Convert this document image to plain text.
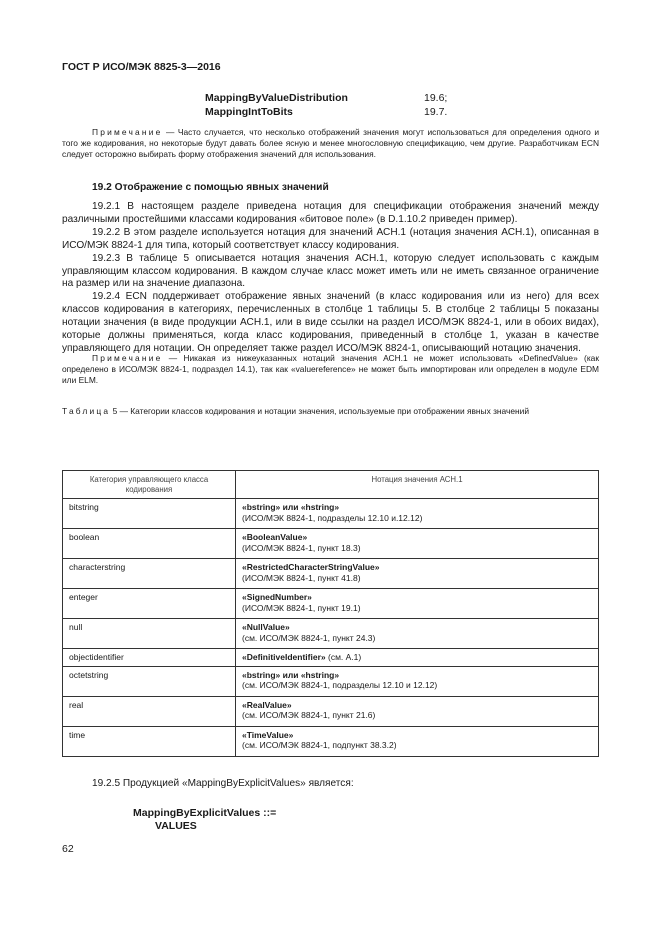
ГОСТ Р ИСО/МЭК 8825-3—2016
MappingByValueDistribution	19.6;
MappingIntToBits	19.7.
Примечание — Часто случается, что несколько отображений значения могут использоваться для определения одного и того же кодирования, но некоторые будут давать более ясную и менее многословную спецификацию, чем другие. Разработчикам ECN следует осторожно выбирать форму отображения значений для использования.
19.2 Отображение с помощью явных значений

19.2.1 В настоящем разделе приведена нотация для спецификации отображения значений между различными простейшими классами кодирования «битовое поле» (в D.1.10.2 приведен пример).

19.2.2 В этом разделе используется нотация для значений АСН.1 (нотация значения АСН.1), описанная в ИСО/МЭК 8824-1 для типа, который соответствует классу кодирования.

19.2.3 В таблице 5 описывается нотация значения АСН.1, которую следует использовать с каждым управляющим классом кодирования. В каждом случае класс может иметь или не иметь связанное ограничение на размер или на значение диапазона.

19.2.4 ECN поддерживает отображение явных значений (в класс кодирования или из него) для всех классов кодирования в категориях, перечисленных в столбце 1 таблицы 5. В столбце 2 таблицы 5 показаны нотации значения (в виде продукции АСН.1, или в виде ссылки на раздел ИСО/МЭК 8824-1, или в обоих видах), которые должны применяться, когда класс кодирования, приведенный в столбце 1, указан в качестве управляющего для нотации. Он определяет также раздел ИСО/МЭК 8824-1, описывающий нотацию значения.

Примечание — Никакая из нижеуказанных нотаций значения АСН.1 не может использовать «DefinedValue» (как определено в ИСО/МЭК 8824-1, подраздел 14.1), так как «valuereference» не может быть импортирован или определен в модуле EDM или ELM.
Таблица 5 — Категории классов кодирования и нотации значения, используемые при отображении явных значений
Категория управляющего класса кодирования	Нотация значения АСН.1
bitstring	«bstring» или «hstring»
(ИСО/МЭК 8824-1, подразделы 12.10 и.12.12)
boolean	«BooleanValue»
(ИСО/МЭК 8824-1, пункт 18.3)
characterstring	«RestrictedCharacterStringValue»
(ИСО/МЭК 8824-1, пункт 41.8)
enteger	«SignedNumber»
(ИСО/МЭК 8824-1, пункт 19.1)
null	«NullValue»
(см. ИСО/МЭК 8824-1, пункт 24.3)
objectidentifier	«DefinitiveIdentifier» (см. А.1)
octetstring	«bstring» или «hstring»
(см. ИСО/МЭК 8824-1, подразделы 12.10 и 12.12)
real	«RealValue»
(см. ИСО/МЭК 8824-1, пункт 21.6)
time	«TimeValue»
(см. ИСО/МЭК 8824-1, подпункт 38.3.2)
19.2.5 Продукцией «MappingByExplicitValues» является:
MappingByExplicitValues ::=
VALUES
62
